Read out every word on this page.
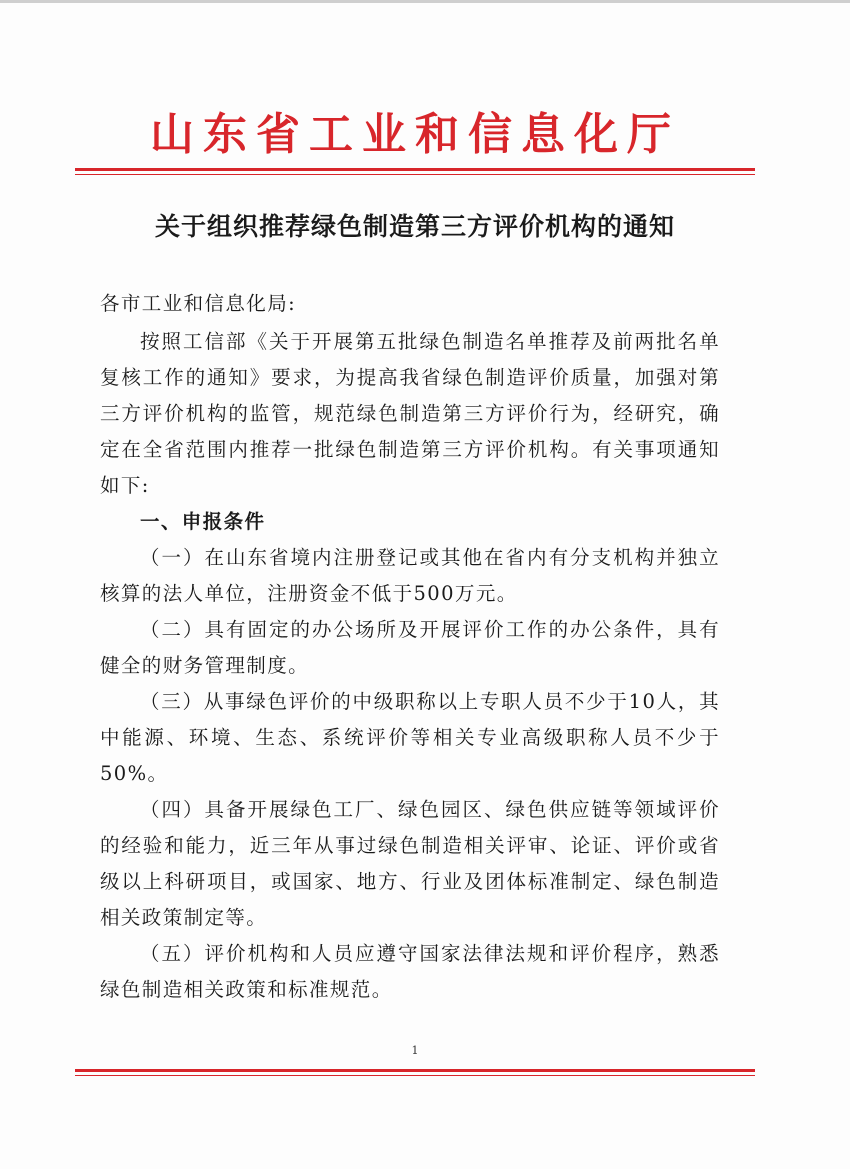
山东省工业和信息化厅
关于组织推荐绿色制造第三方评价机构的通知
各市工业和信息化局:

按照工信部《关于开展第五批绿色制造名单推荐及前两批名单复核工作的通知》要求，为提高我省绿色制造评价质量，加强对第三方评价机构的监管，规范绿色制造第三方评价行为，经研究，确定在全省范围内推荐一批绿色制造第三方评价机构。有关事项通知如下:

一、申报条件

（一）在山东省境内注册登记或其他在省内有分支机构并独立核算的法人单位，注册资金不低于500万元。

（二）具有固定的办公场所及开展评价工作的办公条件，具有健全的财务管理制度。

（三）从事绿色评价的中级职称以上专职人员不少于10人，其中能源、环境、生态、系统评价等相关专业高级职称人员不少于50%。

（四）具备开展绿色工厂、绿色园区、绿色供应链等领域评价的经验和能力，近三年从事过绿色制造相关评审、论证、评价或省级以上科研项目，或国家、地方、行业及团体标准制定、绿色制造相关政策制定等。

（五）评价机构和人员应遵守国家法律法规和评价程序，熟悉绿色制造相关政策和标准规范。

1
